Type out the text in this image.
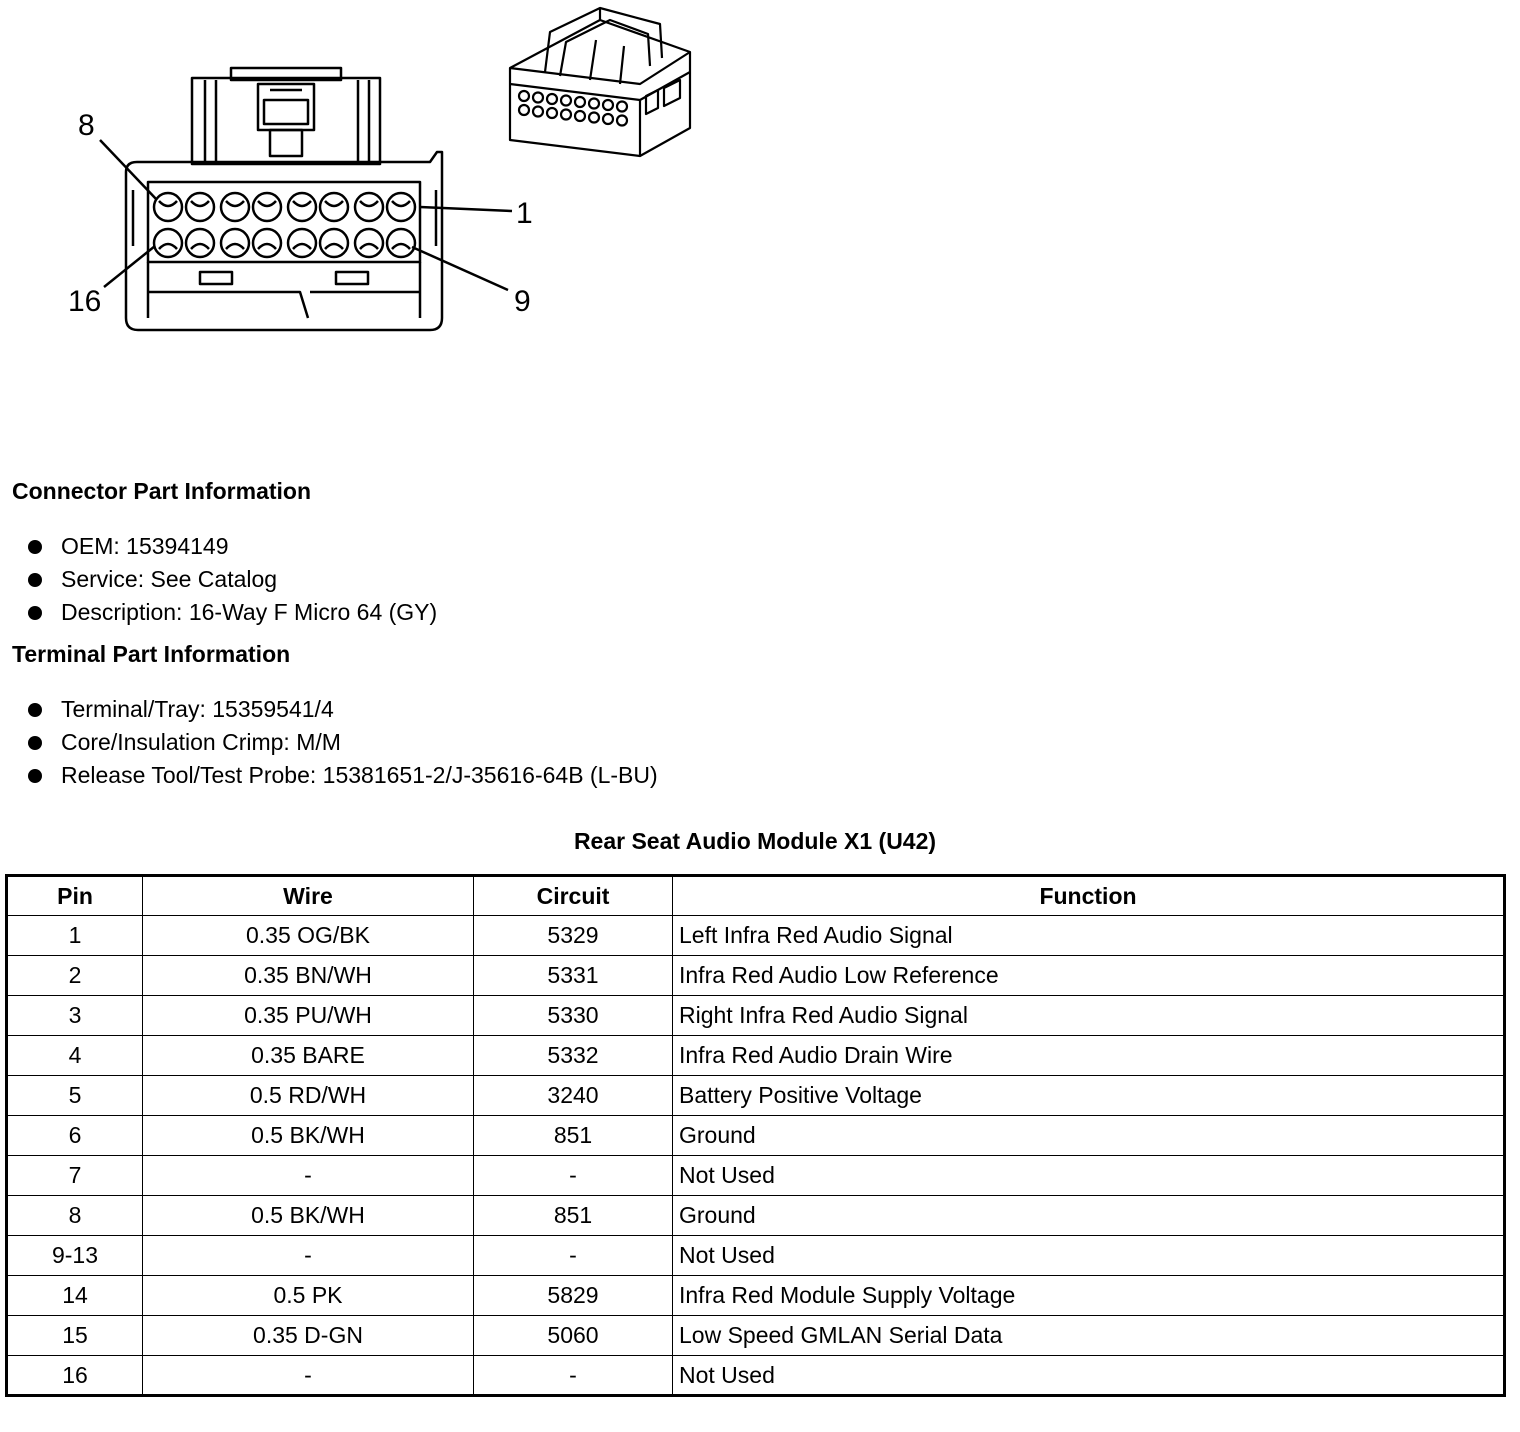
8
1
16	9
Connector Part Information
OEM: 15394149
Service: See Catalog
Description: 16-Way F Micro 64 (GY)
Terminal Part Information
Terminal/Tray: 15359541/4
Core/Insulation Crimp: M/M
Release Tool/Test Probe: 15381651-2/J-35616-64B (L-BU)
Rear Seat Audio Module X1 (U42)
Pin	Wire	Circuit	Function
1	0.35 OG/BK	5329	Left Infra Red Audio Signal
2	0.35 BN/WH	5331	Infra Red Audio Low Reference
3	0.35 PU/WH	5330	Right Infra Red Audio Signal
4	0.35 BARE	5332	Infra Red Audio Drain Wire
5	0.5 RD/WH	3240	Battery Positive Voltage
6	0.5 BK/WH	851	Ground
7	-	-	Not Used
8	0.5 BK/WH	851	Ground
9-13	-	-	Not Used
14	0.5 PK	5829	Infra Red Module Supply Voltage
15	0.35 D-GN	5060	Low Speed GMLAN Serial Data
16	-	-	Not Used
